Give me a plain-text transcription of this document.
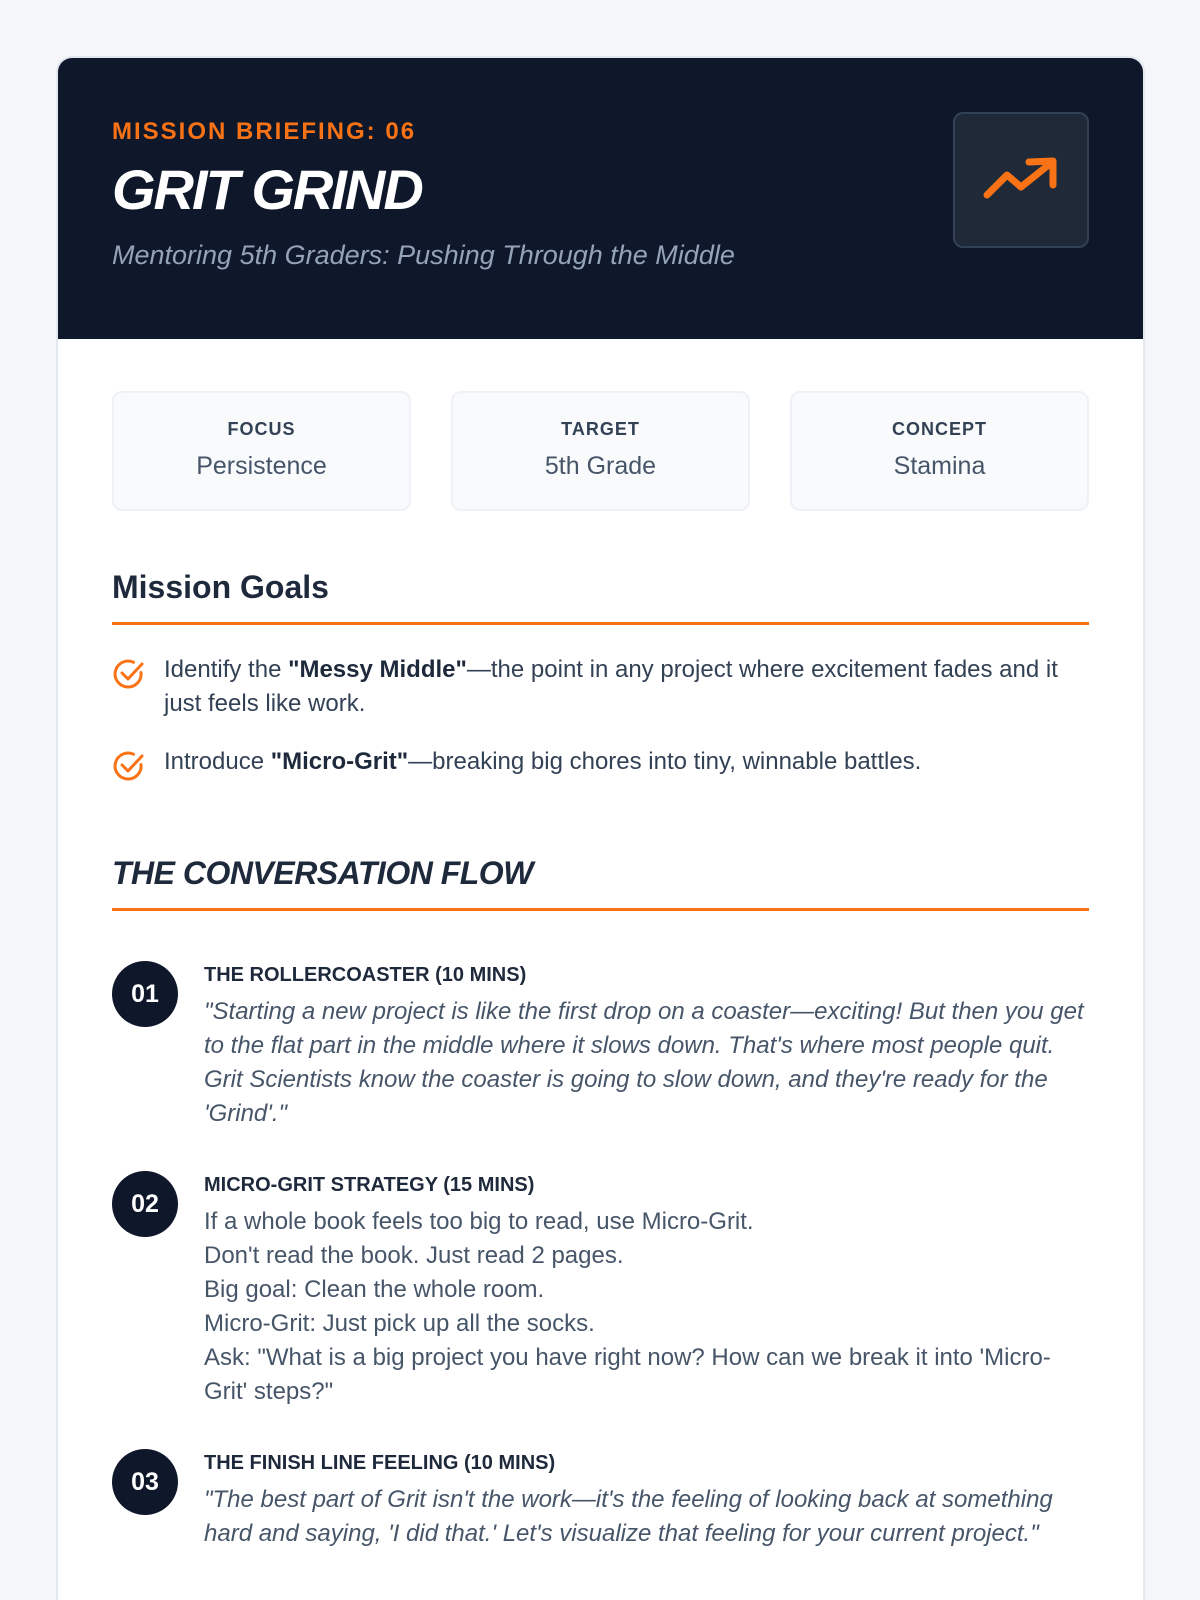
MISSION BRIEFING: 06
GRIT GRIND
Mentoring 5th Graders: Pushing Through the Middle
FOCUS
Persistence
TARGET
5th Grade
CONCEPT
Stamina
Mission Goals
Identify the "Messy Middle"—the point in any project where excitement fades and it just feels like work.
Introduce "Micro-Grit"—breaking big chores into tiny, winnable battles.
THE CONVERSATION FLOW
01
THE ROLLERCOASTER (10 MINS)
"Starting a new project is like the first drop on a coaster—exciting! But then you get to the flat part in the middle where it slows down. That's where most people quit. Grit Scientists know the coaster is going to slow down, and they're ready for the 'Grind'."
02
MICRO-GRIT STRATEGY (15 MINS)
If a whole book feels too big to read, use Micro-Grit.
Don't read the book. Just read 2 pages.
Big goal: Clean the whole room.
Micro-Grit: Just pick up all the socks.
Ask: "What is a big project you have right now? How can we break it into 'Micro-Grit' steps?"
03
THE FINISH LINE FEELING (10 MINS)
"The best part of Grit isn't the work—it's the feeling of looking back at something hard and saying, 'I did that.' Let's visualize that feeling for your current project."
